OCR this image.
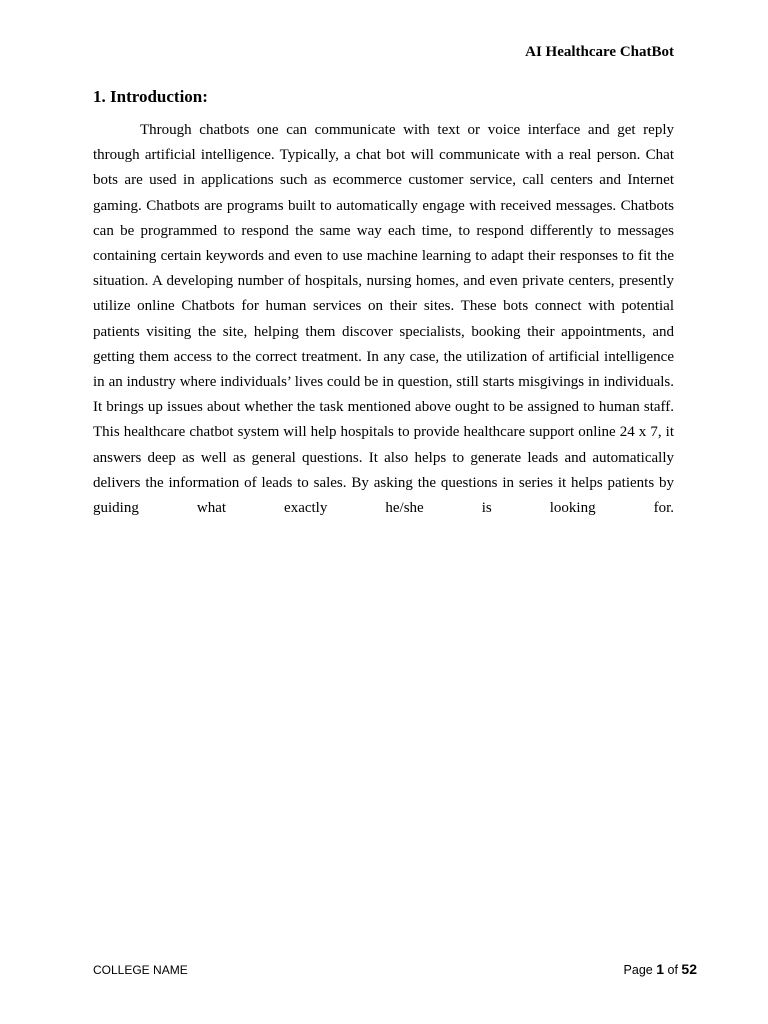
AI Healthcare ChatBot
1. Introduction:

Through chatbots one can communicate with text or voice interface and get reply through artificial intelligence. Typically, a chat bot will communicate with a real person. Chat bots are used in applications such as ecommerce customer service, call centers and Internet gaming. Chatbots are programs built to automatically engage with received messages. Chatbots can be programmed to respond the same way each time, to respond differently to messages containing certain keywords and even to use machine learning to adapt their responses to fit the situation. A developing number of hospitals, nursing homes, and even private centers, presently utilize online Chatbots for human services on their sites. These bots connect with potential patients visiting the site, helping them discover specialists, booking their appointments, and getting them access to the correct treatment. In any case, the utilization of artificial intelligence in an industry where individuals’ lives could be in question, still starts misgivings in individuals. It brings up issues about whether the task mentioned above ought to be assigned to human staff. This healthcare chatbot system will help hospitals to provide healthcare support online 24 x 7, it answers deep as well as general questions. It also helps to generate leads and automatically delivers the information of leads to sales. By asking the questions in series it helps patients by guiding what exactly he/she is looking for.

COLLEGE NAME	Page 1 of 52
